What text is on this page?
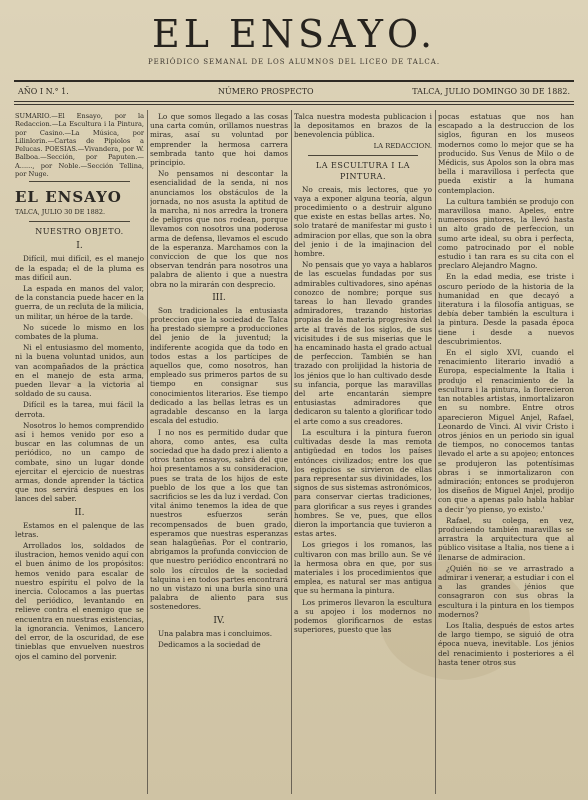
EL ENSAYO.
PERIÓDICO SEMANAL DE LOS ALUMNOS DEL LICEO DE TALCA.
AÑO I N.° 1.	NÚMERO PROSPECTO	TALCA, JULIO DOMINGO 30 DE 1882.
SUMARIO.—El Ensayo, por la Redaccion.—La Escultura i la Pintura, por Casino.—La Música, por Lilinlorin.—Cartas de Pipiolos a Pelucas. POESIAS.—Vivandera, por W. Balboa.—Sección, por Paputen.—A......, por Noble.—Sección Tellina, por Nuge.
EL ENSAYO
TALCA, JULIO 30 DE 1882.
NUESTRO OBJETO.
I.

Difícil, mui difícil, es el manejo de la espada; el de la pluma es mas difícil aun.

La espada en manos del valor, de la constancia puede hacer en la guerra, de un recluta de la milicia, un militar, un héroe de la tarde.

No sucede lo mismo en los combates de la pluma.

Ni el entusiasmo del momento, ni la buena voluntad unidos, aun van acompañados de la práctica en el manejo de esta arma, pueden llevar a la victoria al soldado de su causa.

Difícil es la tarea, mui fácil la derrota.

Nosotros lo hemos comprendido así i hemos venido por eso a buscar en las columnas de un periódico, no un campo de combate, sino un lugar donde ejercitar el ejercicio de nuestras armas, donde aprender la táctica que nos servirá despues en los lances del saber.

II.

Estamos en el palenque de las letras.

Arrollados los, soldados de ilustracion, hemos venido aquí con el buen ánimo de los propósitos: hemos venido para escalar de nuestro espíritu el polvo de la inercia. Colocamos a las puertas del periódico, levantando en relieve contra el enemigo que se encuentra en nuestras existencias, la ignorancia. Venimos, Lancero del error, de la oscuridad, de ese tinieblas que envuelven nuestros ojos el camino del porvenir.

Lo que somos llegado a las cosas una carta común, orillamos nuestras miras, asaí su voluntad por emprender la hermosa carrera sembrada tanto que hoi damos principio.

No pensamos ni descontar la esencialidad de la senda, ni nos anunciamos los obstáculos de la jornada, no nos asusta la aptitud de la marcha, ni nos arredra la tronera de peligros que nos rodean, porque llevamos con nosotros una poderosa arma de defensa, llevamos el escudo de la esperanza. Marchamos con la conviccion de que los que nos observan tendrán para nosotros una palabra de aliento i que a nuestra obra no la mirarán con desprecio.

III.

Son tradicionales la entusiasta proteccion que la sociedad de Talca ha prestado siempre a producciones del jenio de la juventud; la indiferente acogida que da todo en todos estas a los partícipes de aquellos que, como nosotros, han empleado sus primeros partos de su tiempo en consignar sus conocimientos literarios. Ese tiempo dedicado a las bellas letras es un agradable descanso en la larga escala del estudio.

I no nos es permitido dudar que ahora, como antes, esa culta sociedad que ha dado prez i aliento a otros tantos ensayos, sabrá del que hoi presentamos a su consideracion, pues se trata de los hijos de este pueblo de los que a los que tan sacrificios se les da luz i verdad. Con vital ánimo tenemos la idea de que nuestros esfuerzos serán recompensados de buen grado, esperamos que nuestras esperanzas sean halagüeñas. Por el contrario, abrigamos la profunda conviccion de que nuestro periódico encontrará no solo los círculos de la sociedad talquina i en todos partes encontrará no un vistazo ni una burla sino una palabra de aliento para sus sostenedores.

IV.

Una palabra mas i concluimos.

Dedicamos a la sociedad de

Talca nuestra modesta publicacion i la depositamos en brazos de la benevolencia pública.

LA REDACCION.
LA ESCULTURA I LA PINTURA.

No creais, mis lectores, que yo vaya a exponer alguna teoría, algun procedimiento o a destruir alguno que existe en estas bellas artes. No, solo trataré de manifestar mi gusto i admiracion por ellas, que son la obra del jenio i de la imajinacion del hombre.

No pensais que yo vaya a hablaros de las escuelas fundadas por sus admirables cultivadores, sino apénas conozco de nombre; porque sus tareas lo han llevado grandes admiradores, trazando historias propias de la materia progresiva del arte al través de los siglos, de sus vicisitudes i de sus miserias que le ha encaminado hasta el grado actual de perfeccion. También se han trazado con prolijidad la historia de los jénios que lo han cultivado desde su infancia, porque las maravillas del arte encantarán siempre entusiastas admiradores que dedicaron su talento a glorificar todo el arte como a sus creadores.

La escultura i la pintura fueron cultivadas desde la mas remota antigüedad en todos los países entónces civilizados; entre los que los egipcios se sirvieron de ellas para representar sus divinidades, los signos de sus sistemas astronómicos, para conservar ciertas tradiciones, para glorificar a sus reyes i grandes hombres. Se ve, pues, que ellos dieron la importancia que tuvieron a estas artes.

Los griegos i los romanos, las cultivaron con mas brillo aun. Se vé la hermosa obra en que, por sus materiales i los procedimientos que emplea, es natural ser mas antigua que su hermana la pintura.

Los primeros llevaron la escultura a su apojeo i los modernos no podemos glorificarnos de estas superiores, puesto que las

pocas estatuas que nos han escapado a la destruccion de los siglos, figuran en los museos modernos como lo mejor que se ha producido. Sus Venus de Milo o de Médicis, sus Apolos son la obra mas bella i maravillosa i perfecta que pueda existir a la humana contemplacion.

La cultura también se produjo con maravillosa mano. Apeles, entre numerosos pintores, la llevó hasta un alto grado de perfeccion, un sumo arte ideal, su obra i perfecta, como patrocinado por el noble estudio i tan rara es su cita con el preclaro Alejandro Magno.

En la edad media, ese triste i oscuro período de la historia de la humanidad en que decayó a literatura i la filosofía antiguas, se debía deber también la escultura i la pintura. Desde la pasada época tiene i desde a nuevos descubrimientos.

En el siglo XVI, cuando el renacimiento literario invadió a Europa, especialmente la Italia i produjo el renacimiento de la escultura i la pintura, la florecieron tan notables artistas, inmortalizaron en su nombre. Entre otros aparecieron Miguel Anjel, Rafael, Leonardo de Vinci. Al vivir Cristo i otros jénios en un periodo sin igual de tiempos, no conocemos tantas llevado el arte a su apojeo; entonces se produjeron las potentísimas obras i se inmortalizaron con admiración; entonces se produjeron los diseños de Miguel Anjel, prodijo con que a apenas palo habla hablar a decir 'yo pienso, yo existo.'

Rafael, su colega, en vez, produciendo también maravillas se arrastra la arquitectura que al público visitase a Italia, nos tiene a i llenarse de admiracion.

¿Quién no se ve arrastrado a admirar i venerar, a estudiar i con el a las grandes jénios que consagraron con sus obras la escultura i la pintura en los tiempos modernos?

Los Italia, después de estos artes de largo tiempo, se siguió de otra época nueva, inevitable. Los jénios del renacimiento i posteriores a él hasta tener otros sus
